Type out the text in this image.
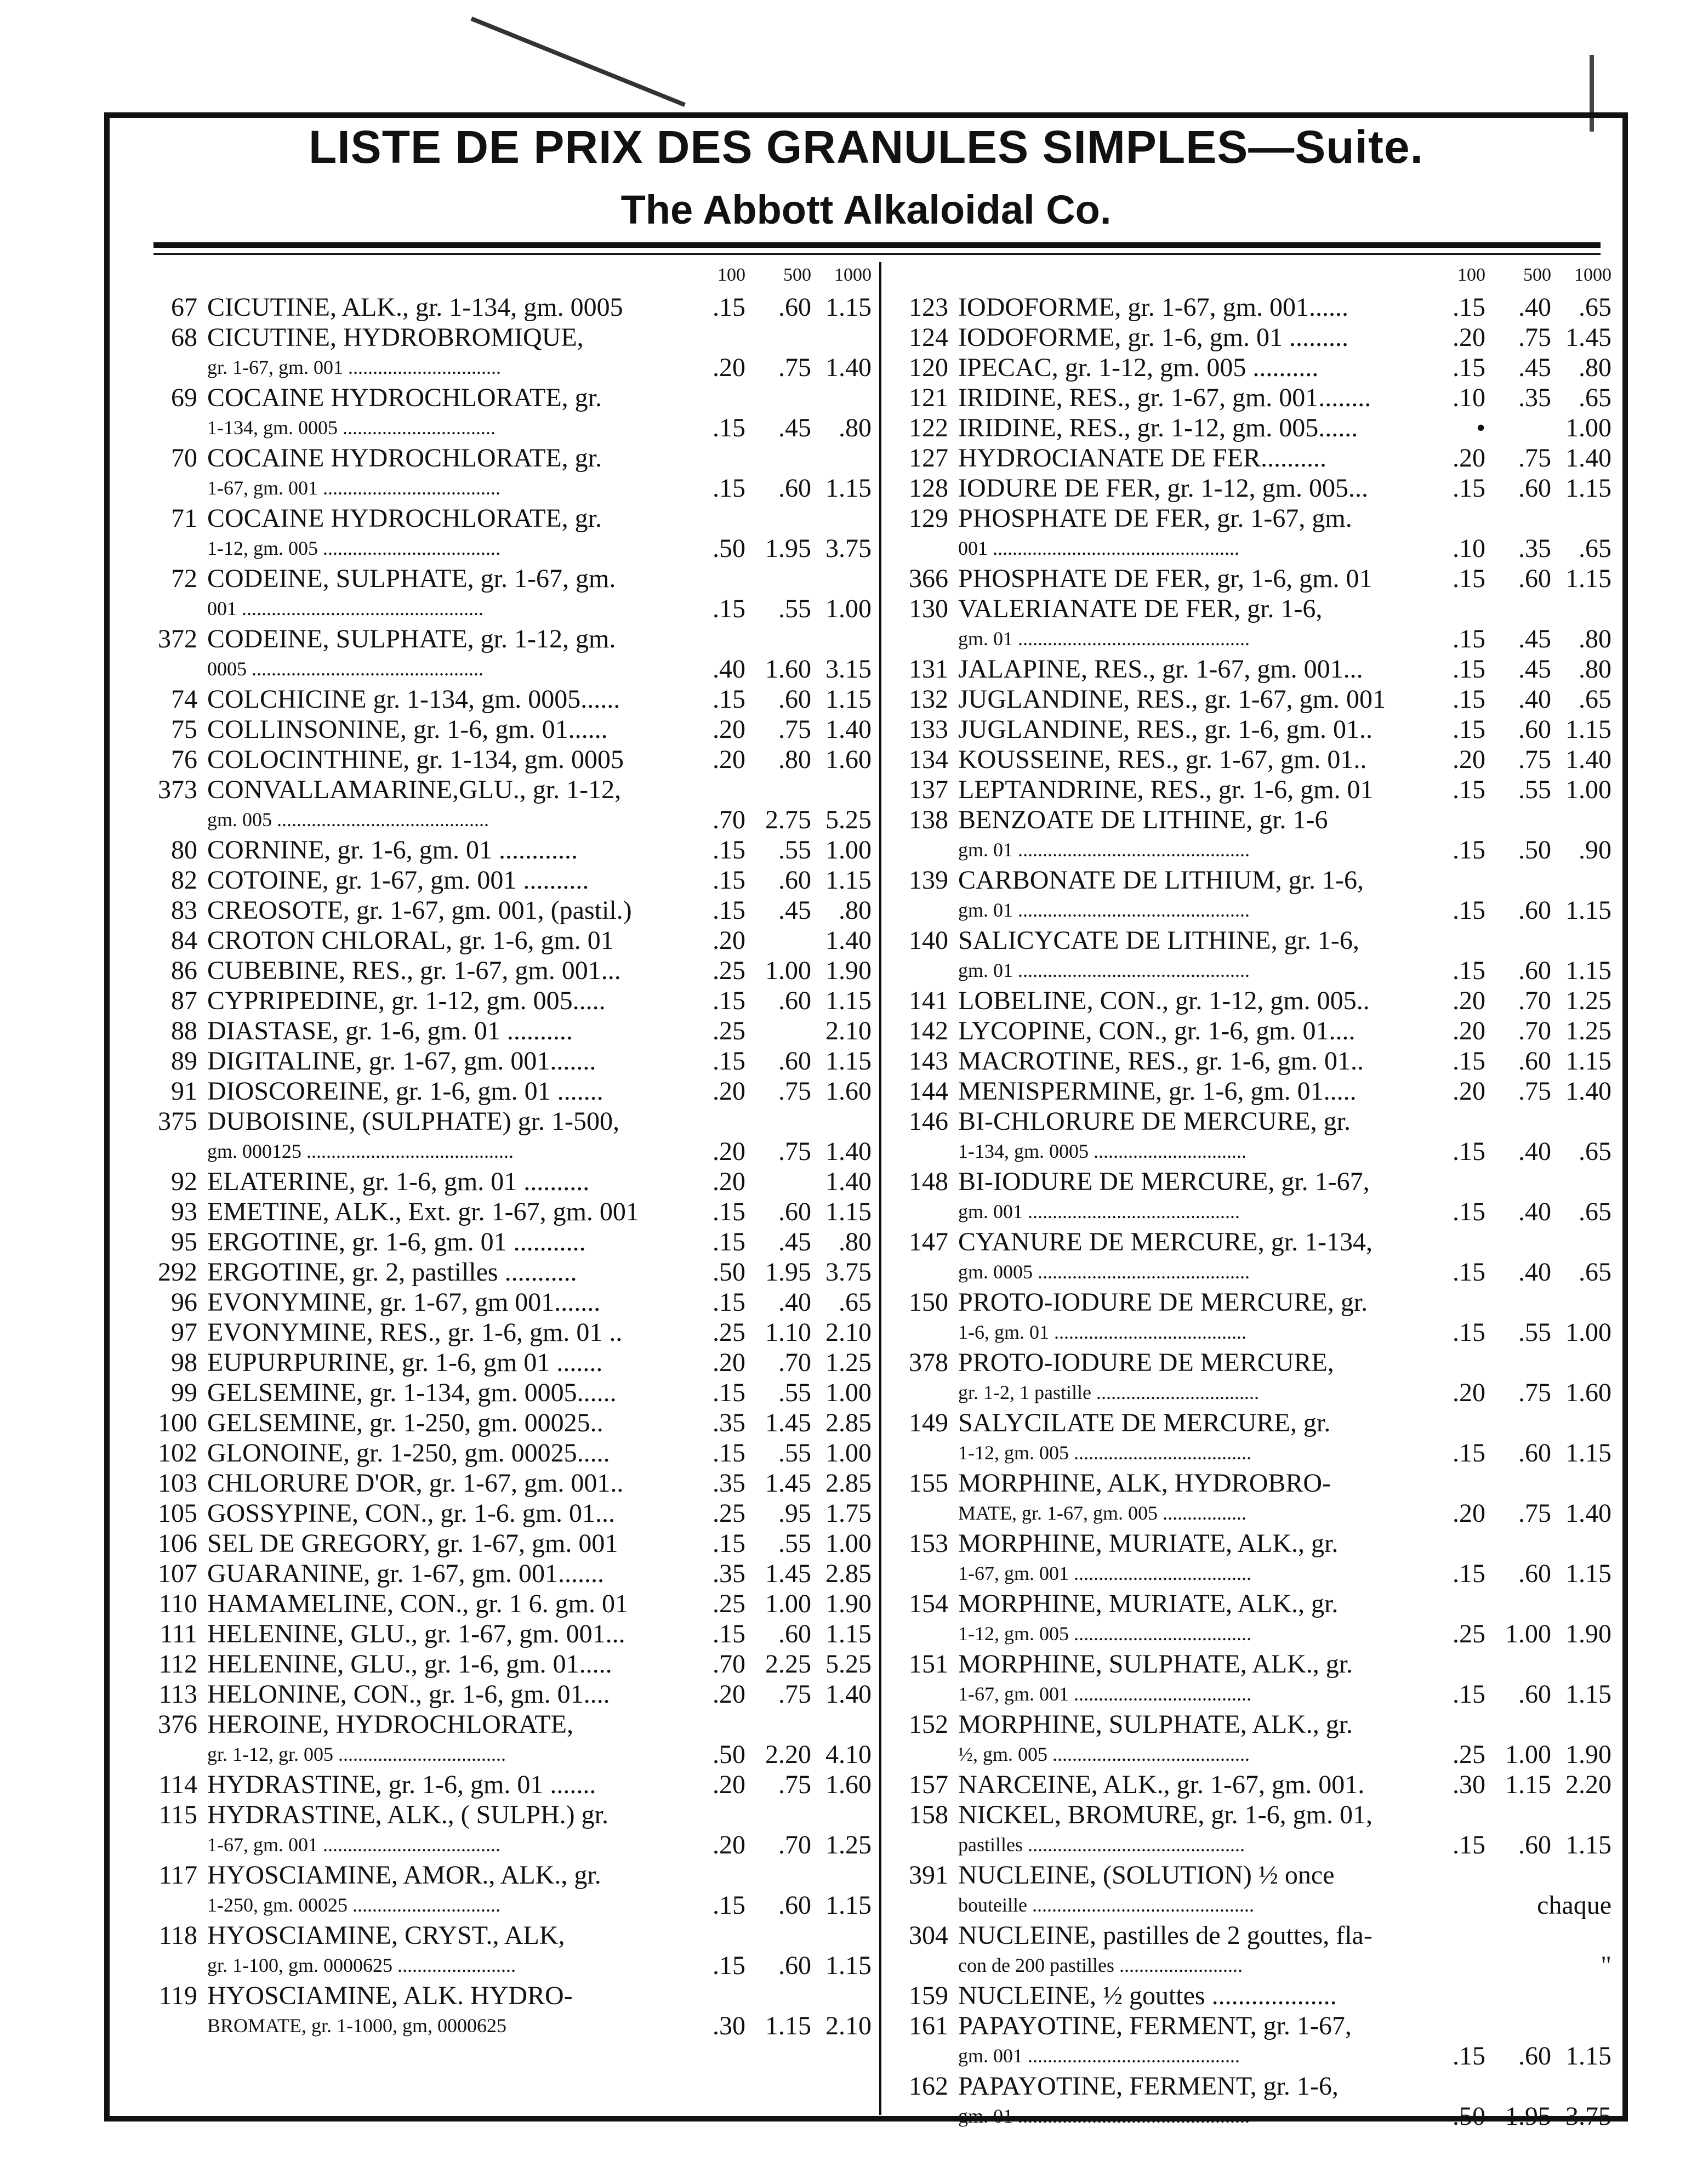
LISTE DE PRIX DES GRANULES SIMPLES—Suite.
The Abbott Alkaloidal Co.
100 500 1000
67 CICUTINE, ALK., gr. 1-134, gm. 0005	.15 .60 1.15
68 CICUTINE, HYDROBROMIQUE,
gr. 1-67, gm. 001 ...............................	.20 .75 1.40
69 COCAINE HYDROCHLORATE, gr.
1-134, gm. 0005 ...............................	.15 .45 .80
70 COCAINE HYDROCHLORATE, gr.
1-67, gm. 001 ....................................	.15 .60 1.15
71 COCAINE HYDROCHLORATE, gr.
1-12, gm. 005 ....................................	.50 1.95 3.75
72 CODEINE, SULPHATE, gr. 1-67, gm.
001 .................................................	.15 .55 1.00
372 CODEINE, SULPHATE, gr. 1-12, gm.
0005 ...............................................	.40 1.60 3.15
74 COLCHICINE gr. 1-134, gm. 0005......	.15 .60 1.15
75 COLLINSONINE, gr. 1-6, gm. 01......	.20 .75 1.40
76 COLOCINTHINE, gr. 1-134, gm. 0005	.20 .80 1.60
373 CONVALLAMARINE,GLU., gr. 1-12,
gm. 005 ...........................................	.70 2.75 5.25
80 CORNINE, gr. 1-6, gm. 01 ............	.15 .55 1.00
82 COTOINE, gr. 1-67, gm. 001 ..........	.15 .60 1.15
83 CREOSOTE, gr. 1-67, gm. 001, (pastil.)	.15 .45 .80
84 CROTON CHLORAL, gr. 1-6, gm. 01	.20	1.40
86 CUBEBINE, RES., gr. 1-67, gm. 001...	.25 1.00 1.90
87 CYPRIPEDINE, gr. 1-12, gm. 005.....	.15 .60 1.15
88 DIASTASE, gr. 1-6, gm. 01 ..........	.25	2.10
89 DIGITALINE, gr. 1-67, gm. 001.......	.15 .60 1.15
91 DIOSCOREINE, gr. 1-6, gm. 01 .......	.20 .75 1.60
375 DUBOISINE, (SULPHATE) gr. 1-500,
gm. 000125 ..........................................	.20 .75 1.40
92 ELATERINE, gr. 1-6, gm. 01 ..........	.20	1.40
93 EMETINE, ALK., Ext. gr. 1-67, gm. 001	.15 .60 1.15
95 ERGOTINE, gr. 1-6, gm. 01 ...........	.15 .45 .80
292 ERGOTINE, gr. 2, pastilles ...........	.50 1.95 3.75
96 EVONYMINE, gr. 1-67, gm 001.......	.15 .40 .65
97 EVONYMINE, RES., gr. 1-6, gm. 01 ..	.25 1.10 2.10
98 EUPURPURINE, gr. 1-6, gm 01 .......	.20 .70 1.25
99 GELSEMINE, gr. 1-134, gm. 0005......	.15 .55 1.00
100 GELSEMINE, gr. 1-250, gm. 00025..	.35 1.45 2.85
102 GLONOINE, gr. 1-250, gm. 00025.....	.15 .55 1.00
103 CHLORURE D'OR, gr. 1-67, gm. 001..	.35 1.45 2.85
105 GOSSYPINE, CON., gr. 1-6. gm. 01...	.25 .95 1.75
106 SEL DE GREGORY, gr. 1-67, gm. 001	.15 .55 1.00
107 GUARANINE, gr. 1-67, gm. 001.......	.35 1.45 2.85
110 HAMAMELINE, CON., gr. 1 6. gm. 01	.25 1.00 1.90
111 HELENINE, GLU., gr. 1-67, gm. 001...	.15 .60 1.15
112 HELENINE, GLU., gr. 1-6, gm. 01.....	.70 2.25 5.25
113 HELONINE, CON., gr. 1-6, gm. 01....	.20 .75 1.40
376 HEROINE, HYDROCHLORATE,
gr. 1-12, gr. 005 ..................................	.50 2.20 4.10
114 HYDRASTINE, gr. 1-6, gm. 01 .......	.20 .75 1.60
115 HYDRASTINE, ALK., ( SULPH.) gr.
1-67, gm. 001 ....................................	.20 .70 1.25
117 HYOSCIAMINE, AMOR., ALK., gr.
1-250, gm. 00025 ..............................	.15 .60 1.15
118 HYOSCIAMINE, CRYST., ALK,
gr. 1-100, gm. 0000625 ........................	.15 .60 1.15
119 HYOSCIAMINE, ALK. HYDRO-
BROMATE, gr. 1-1000, gm, 0000625	.30 1.15 2.10
100 500 1000
123 IODOFORME, gr. 1-67, gm. 001......	.15 .40 .65
124 IODOFORME, gr. 1-6, gm. 01 .........	.20 .75 1.45
120 IPECAC, gr. 1-12, gm. 005 ..........	.15 .45 .80
121 IRIDINE, RES., gr. 1-67, gm. 001........	.10 .35 .65
122 IRIDINE, RES., gr. 1-12, gm. 005......	•	1.00
127 HYDROCIANATE DE FER..........	.20 .75 1.40
128 IODURE DE FER, gr. 1-12, gm. 005...	.15 .60 1.15
129 PHOSPHATE DE FER, gr. 1-67, gm.
001 ..................................................	.10 .35 .65
366 PHOSPHATE DE FER, gr, 1-6, gm. 01	.15 .60 1.15
130 VALERIANATE DE FER, gr. 1-6,
gm. 01 ...............................................	.15 .45 .80
131 JALAPINE, RES., gr. 1-67, gm. 001...	.15 .45 .80
132 JUGLANDINE, RES., gr. 1-67, gm. 001	.15 .40 .65
133 JUGLANDINE, RES., gr. 1-6, gm. 01..	.15 .60 1.15
134 KOUSSEINE, RES., gr. 1-67, gm. 01..	.20 .75 1.40
137 LEPTANDRINE, RES., gr. 1-6, gm. 01	.15 .55 1.00
138 BENZOATE DE LITHINE, gr. 1-6
gm. 01 ...............................................	.15 .50 .90
139 CARBONATE DE LITHIUM, gr. 1-6,
gm. 01 ...............................................	.15 .60 1.15
140 SALICYCATE DE LITHINE, gr. 1-6,
gm. 01 ...............................................	.15 .60 1.15
141 LOBELINE, CON., gr. 1-12, gm. 005..	.20 .70 1.25
142 LYCOPINE, CON., gr. 1-6, gm. 01....	.20 .70 1.25
143 MACROTINE, RES., gr. 1-6, gm. 01..	.15 .60 1.15
144 MENISPERMINE, gr. 1-6, gm. 01.....	.20 .75 1.40
146 BI-CHLORURE DE MERCURE, gr.
1-134, gm. 0005 ...............................	.15 .40 .65
148 BI-IODURE DE MERCURE, gr. 1-67,
gm. 001 ...........................................	.15 .40 .65
147 CYANURE DE MERCURE, gr. 1-134,
gm. 0005 ...........................................	.15 .40 .65
150 PROTO-IODURE DE MERCURE, gr.
1-6, gm. 01 .......................................	.15 .55 1.00
378 PROTO-IODURE DE MERCURE,
gr. 1-2, 1 pastille .................................	.20 .75 1.60
149 SALYCILATE DE MERCURE, gr.
1-12, gm. 005 ....................................	.15 .60 1.15
155 MORPHINE, ALK, HYDROBRO-
MATE, gr. 1-67, gm. 005 .................	.20 .75 1.40
153 MORPHINE, MURIATE, ALK., gr.
1-67, gm. 001 ....................................	.15 .60 1.15
154 MORPHINE, MURIATE, ALK., gr.
1-12, gm. 005 ....................................	.25 1.00 1.90
151 MORPHINE, SULPHATE, ALK., gr.
1-67, gm. 001 ....................................	.15 .60 1.15
152 MORPHINE, SULPHATE, ALK., gr.
½, gm. 005 ........................................	.25 1.00 1.90
157 NARCEINE, ALK., gr. 1-67, gm. 001.	.30 1.15 2.20
158 NICKEL, BROMURE, gr. 1-6, gm. 01,
pastilles ............................................	.15 .60 1.15
391 NUCLEINE, (SOLUTION) ½ once
bouteille .............................................	chaque
304 NUCLEINE, pastilles de 2 gouttes, fla-
con de 200 pastilles .........................	"
159 NUCLEINE, ½ gouttes ...................
161 PAPAYOTINE, FERMENT, gr. 1-67,
gm. 001 ...........................................	.15 .60 1.15
162 PAPAYOTINE, FERMENT, gr. 1-6,
gm. 01 ...............................................	.50 1.95 3.75
